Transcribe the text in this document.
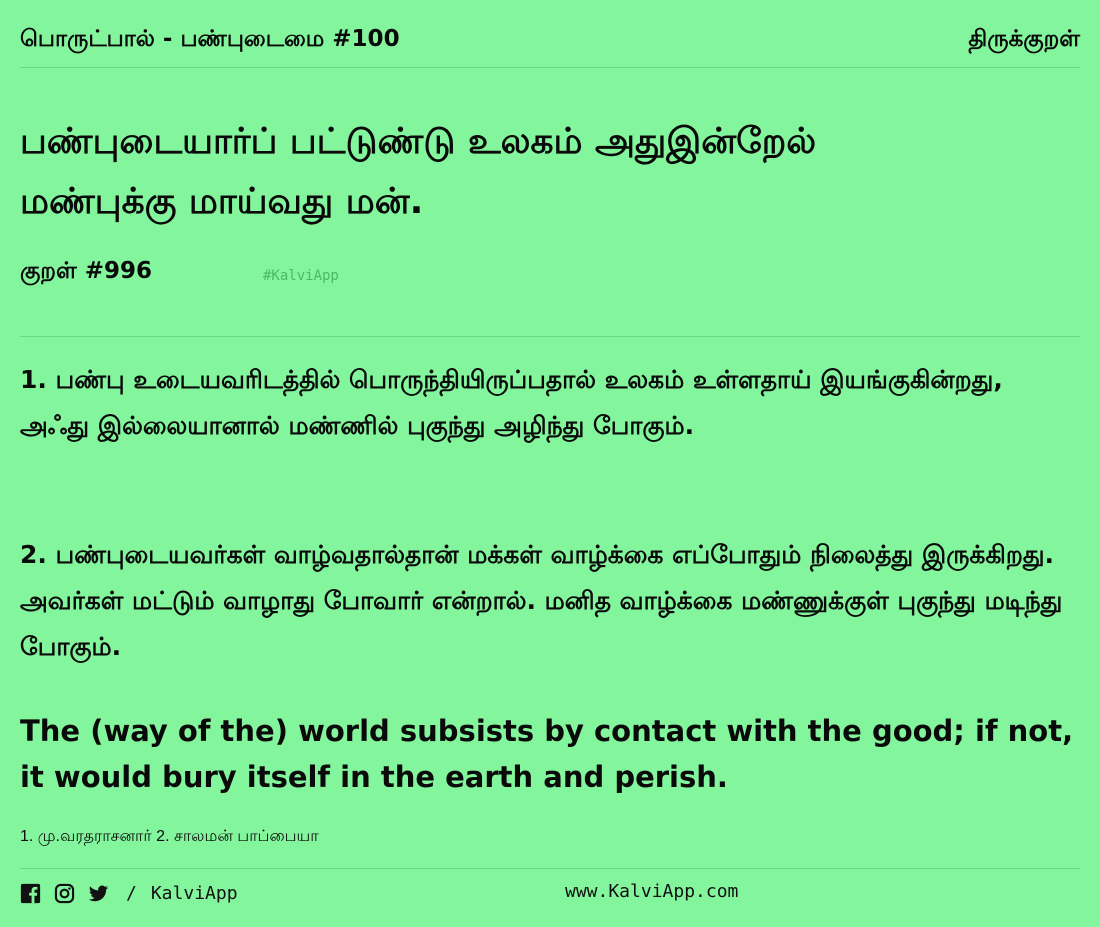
பொருட்பால் - பண்புடைமை #100	திருக்குறள்
பண்புடையார்ப் பட்டுண்டு உலகம் அதுஇன்றேல்
மண்புக்கு மாய்வது மன்.
குறள் #996	#KalviApp
1. பண்பு உடையவரிடத்தில் பொருந்தியிருப்பதால் உலகம் உள்ளதாய் இயங்குகின்றது, அஃது இல்லையானால் மண்ணில் புகுந்து அழிந்து போகும்.
2. பண்புடையவர்கள் வாழ்வதால்தான் மக்கள் வாழ்க்கை எப்போதும் நிலைத்து இருக்கிறது. அவர்கள் மட்டும் வாழாது போவார் என்றால். மனித வாழ்க்கை மண்ணுக்குள் புகுந்து மடிந்து போகும்.
The (way of the) world subsists by contact with the good; if not, it would bury itself in the earth and perish.
1. மு.வரதராசனார் 2. சாலமன் பாப்பையா
/ KalviApp	www.KalviApp.com
